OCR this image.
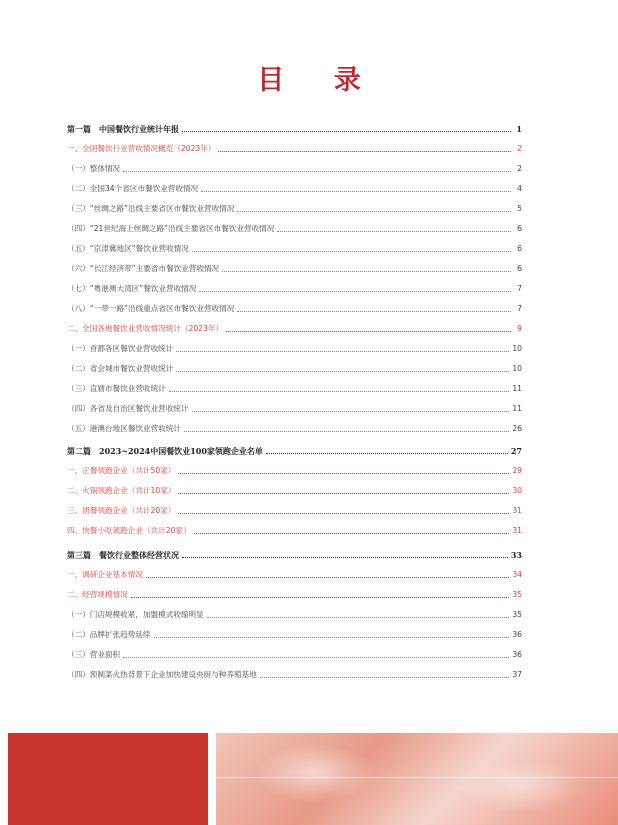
目 录
第一篇　中国餐饮行业统计年报	1
一、全国餐饮行业营收情况概览（2023年）	2
（一）整体情况	2
（二）全国34个省区市餐饮业营收情况	4
（三）“丝绸之路”沿线主要省区市餐饮业营收情况	5
（四）“21世纪海上丝绸之路”沿线主要省区市餐饮业营收情况	6
（五）“京津冀地区”餐饮业营收情况	6
（六）“长江经济带”主要省市餐饮业营收情况	6
（七）“粤港澳大湾区”餐饮业营收情况	7
（八）“一带一路”沿线重点省区市餐饮业营收情况	7
二、全国各地餐饮业营收情况统计（2023年）	9
（一）首都各区餐饮业营收统计	10
（二）省会城市餐饮业营收统计	10
（三）直辖市餐饮业营收统计	11
（四）各省及自治区餐饮业营收统计	11
（五）港澳台地区餐饮业营收统计	26
第二篇　2023~2024中国餐饮业100家领跑企业名单	27
一、正餐领跑企业（共计50家）	29
二、火锅领跑企业（共计10家）	30
三、团餐领跑企业（共计20家）	31
四、快餐小吃领跑企业（共计20家）	31
第三篇　餐饮行业整体经营状况	33
一、调研企业基本情况	34
二、经营规模情况	35
（一）门店规模收紧，加盟模式收缩明显	35
（二）品牌扩张趋势延续	36
（三）营业面积	36
（四）预制菜火热背景下企业加快建设央厨与种养殖基地	37
